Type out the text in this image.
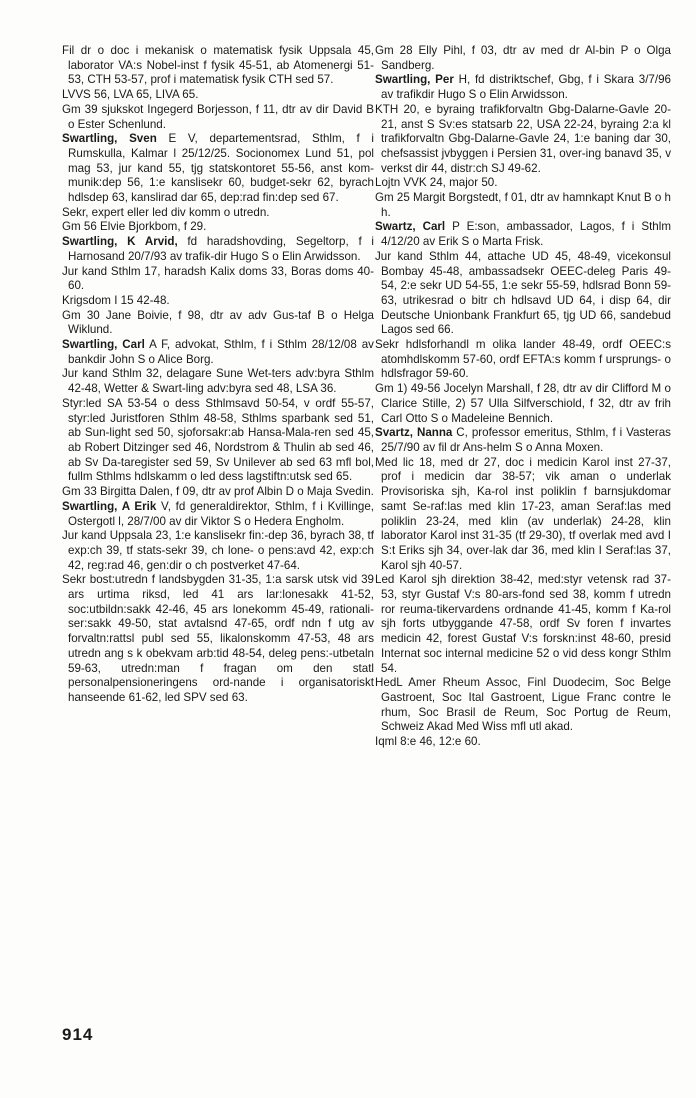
Fil dr o doc i mekanisk o matematisk fysik Uppsala 45, laborator VA:s Nobel-inst f fysik 45-51, ab Atomenergi 51-53, CTH 53-57, prof i matematisk fysik CTH sed 57.

LVVS 56, LVA 65, LIVA 65.

Gm 39 sjukskot Ingegerd Borjesson, f 11, dtr av dir David B o Ester Schenlund.

Swartling, Sven E V, departementsrad, Sthlm, f i Rumskulla, Kalmar l 25/12/25. Socionomex Lund 51, pol mag 53, jur kand 55, tjg statskontoret 55-56, anst kom-munik:dep 56, 1:e kanslisekr 60, budget-sekr 62, byrach hdlsdep 63, kanslirad dar 65, dep:rad fin:dep sed 67.

Sekr, expert eller led div komm o utredn.

Gm 56 Elvie Bjorkbom, f 29.

Swartling, K Arvid, fd haradshovding, Segeltorp, f i Harnosand 20/7/93 av trafik-dir Hugo S o Elin Arwidsson.

Jur kand Sthlm 17, haradsh Kalix doms 33, Boras doms 40-60.

Krigsdom I 15 42-48.

Gm 30 Jane Boivie, f 98, dtr av adv Gus-taf B o Helga Wiklund.

Swartling, Carl A F, advokat, Sthlm, f i Sthlm 28/12/08 av bankdir John S o Alice Borg.

Jur kand Sthlm 32, delagare Sune Wet-ters adv:byra Sthlm 42-48, Wetter & Swart-ling adv:byra sed 48, LSA 36.

Styr:led SA 53-54 o dess Sthlmsavd 50-54, v ordf 55-57, styr:led Juristforen Sthlm 48-58, Sthlms sparbank sed 51, ab Sun-light sed 50, sjoforsakr:ab Hansa-Mala-ren sed 45, ab Robert Ditzinger sed 46, Nordstrom & Thulin ab sed 46, ab Sv Da-taregister sed 59, Sv Unilever ab sed 63 mfl bol, fullm Sthlms hdlskamm o led dess lagstiftn:utsk sed 65.

Gm 33 Birgitta Dalen, f 09, dtr av prof Albin D o Maja Svedin.

Swartling, A Erik V, fd generaldirektor, Sthlm, f i Kvillinge, Ostergotl l, 28/7/00 av dir Viktor S o Hedera Engholm.

Jur kand Uppsala 23, 1:e kanslisekr fin:-dep 36, byrach 38, tf exp:ch 39, tf stats-sekr 39, ch lone- o pens:avd 42, exp:ch 42, reg:rad 46, gen:dir o ch postverket 47-64.

Sekr bost:utredn f landsbygden 31-35, 1:a sarsk utsk vid 39 ars urtima riksd, led 41 ars lar:lonesakk 41-52, soc:utbildn:sakk 42-46, 45 ars lonekomm 45-49, rationali-ser:sakk 49-50, stat avtalsnd 47-65, ordf ndn f utg av forvaltn:rattsl publ sed 55, likalonskomm 47-53, 48 ars utredn ang s k obekvam arb:tid 48-54, deleg pens:-utbetaln 59-63, utredn:man f fragan om den statl personalpensioneringens ord-nande i organisatoriskt hanseende 61-62, led SPV sed 63.

Gm 28 Elly Pihl, f 03, dtr av med dr Al-bin P o Olga Sandberg.

Swartling, Per H, fd distriktschef, Gbg, f i Skara 3/7/96 av trafikdir Hugo S o Elin Arwidsson.

KTH 20, e byraing trafikforvaltn Gbg-Dalarne-Gavle 20-21, anst S Sv:es statsarb 22, USA 22-24, byraing 2:a kl trafikforvaltn Gbg-Dalarne-Gavle 24, 1:e baning dar 30, chefsassist jvbyggen i Persien 31, over-ing banavd 35, v verkst dir 44, distr:ch SJ 49-62.

Lojtn VVK 24, major 50.

Gm 25 Margit Borgstedt, f 01, dtr av hamnkapt Knut B o h h.

Swartz, Carl P E:son, ambassador, Lagos, f i Sthlm 4/12/20 av Erik S o Marta Frisk.

Jur kand Sthlm 44, attache UD 45, 48-49, vicekonsul Bombay 45-48, ambassadsekr OEEC-deleg Paris 49-54, 2:e sekr UD 54-55, 1:e sekr 55-59, hdlsrad Bonn 59-63, utrikesrad o bitr ch hdlsavd UD 64, i disp 64, dir Deutsche Unionbank Frankfurt 65, tjg UD 66, sandebud Lagos sed 66.

Sekr hdlsforhandl m olika lander 48-49, ordf OEEC:s atomhdlskomm 57-60, ordf EFTA:s komm f ursprungs- o hdlsfragor 59-60.

Gm 1) 49-56 Jocelyn Marshall, f 28, dtr av dir Clifford M o Clarice Stille, 2) 57 Ulla Silfverschiold, f 32, dtr av frih Carl Otto S o Madeleine Bennich.

Svartz, Nanna C, professor emeritus, Sthlm, f i Vasteras 25/7/90 av fil dr Ans-helm S o Anna Moxen.

Med lic 18, med dr 27, doc i medicin Karol inst 27-37, prof i medicin dar 38-57; vik aman o underlak Provisoriska sjh, Ka-rol inst poliklin f barnsjukdomar samt Se-raf:las med klin 17-23, aman Seraf:las med poliklin 23-24, med klin (av underlak) 24-28, klin laborator Karol inst 31-35 (tf 29-30), tf overlak med avd I S:t Eriks sjh 34, over-lak dar 36, med klin I Seraf:las 37, Karol sjh 40-57.

Led Karol sjh direktion 38-42, med:styr vetensk rad 37-53, styr Gustaf V:s 80-ars-fond sed 38, komm f utredn ror reuma-tikervardens ordnande 41-45, komm f Ka-rol sjh forts utbyggande 47-58, ordf Sv foren f invartes medicin 42, forest Gustaf V:s forskn:inst 48-60, presid Internat soc internal medicine 52 o vid dess kongr Sthlm 54.

HedL Amer Rheum Assoc, Finl Duodecim, Soc Belge Gastroent, Soc Ital Gastroent, Ligue Franc contre le rhum, Soc Brasil de Reum, Soc Portug de Reum, Schweiz Akad Med Wiss mfl utl akad.

Iqml 8:e 46, 12:e 60.

914
